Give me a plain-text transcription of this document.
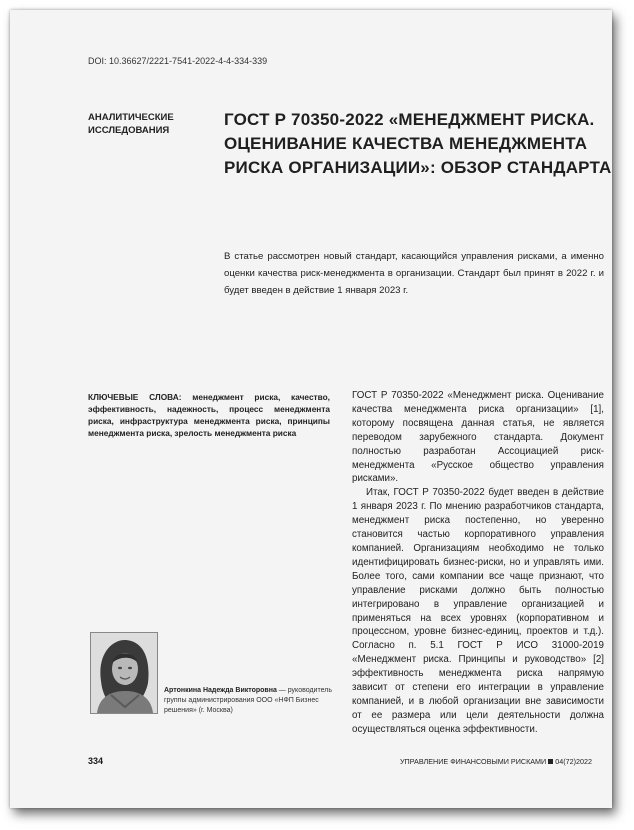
DOI: 10.36627/2221-7541-2022-4-4-334-339
АНАЛИТИЧЕСКИЕ ИССЛЕДОВАНИЯ
ГОСТ Р 70350-2022 «МЕНЕДЖМЕНТ РИСКА. ОЦЕНИВАНИЕ КАЧЕСТВА МЕНЕДЖМЕНТА РИСКА ОРГАНИЗАЦИИ»: ОБЗОР СТАНДАРТА

В статье рассмотрен новый стандарт, касающийся управления рисками, а именно оценки качества риск-менеджмента в организации. Стандарт был принят в 2022 г. и будет введен в действие 1 января 2023 г.

КЛЮЧЕВЫЕ СЛОВА: менеджмент риска, качество, эффективность, надежность, процесс менеджмента риска, инфраструктура менеджмента риска, принципы менеджмента риска, зрелость менеджмента риска

ГОСТ Р 70350-2022 «Менеджмент риска. Оценивание качества менеджмента риска организации» [1], которому посвящена данная статья, не является переводом зарубежного стандарта. Документ полностью разработан Ассоциацией риск-менеджмента «Русское общество управления рисками».

Итак, ГОСТ Р 70350-2022 будет введен в действие 1 января 2023 г. По мнению разработчиков стандарта, менеджмент риска постепенно, но уверенно становится частью корпоративного управления компанией. Организациям необходимо не только идентифицировать бизнес-риски, но и управлять ими. Более того, сами компании все чаще признают, что управление рисками должно быть полностью интегрировано в управление организацией и применяться на всех уровнях (корпоративном и процессном, уровне бизнес-единиц, проектов и т.д.). Согласно п. 5.1 ГОСТ Р ИСО 31000-2019 «Менеджмент риска. Принципы и руководство» [2] эффективность менеджмента риска напрямую зависит от степени его интеграции в управление компанией, и в любой организации вне зависимости от ее размера или цели деятельности должна осуществляться оценка эффективности.

Артонкина Надежда Викторовна — руководитель группы администрирования ООО «НФП Бизнес решения» (г. Москва)

334	УПРАВЛЕНИЕ ФИНАНСОВЫМИ РИСКАМИ 04(72)2022
